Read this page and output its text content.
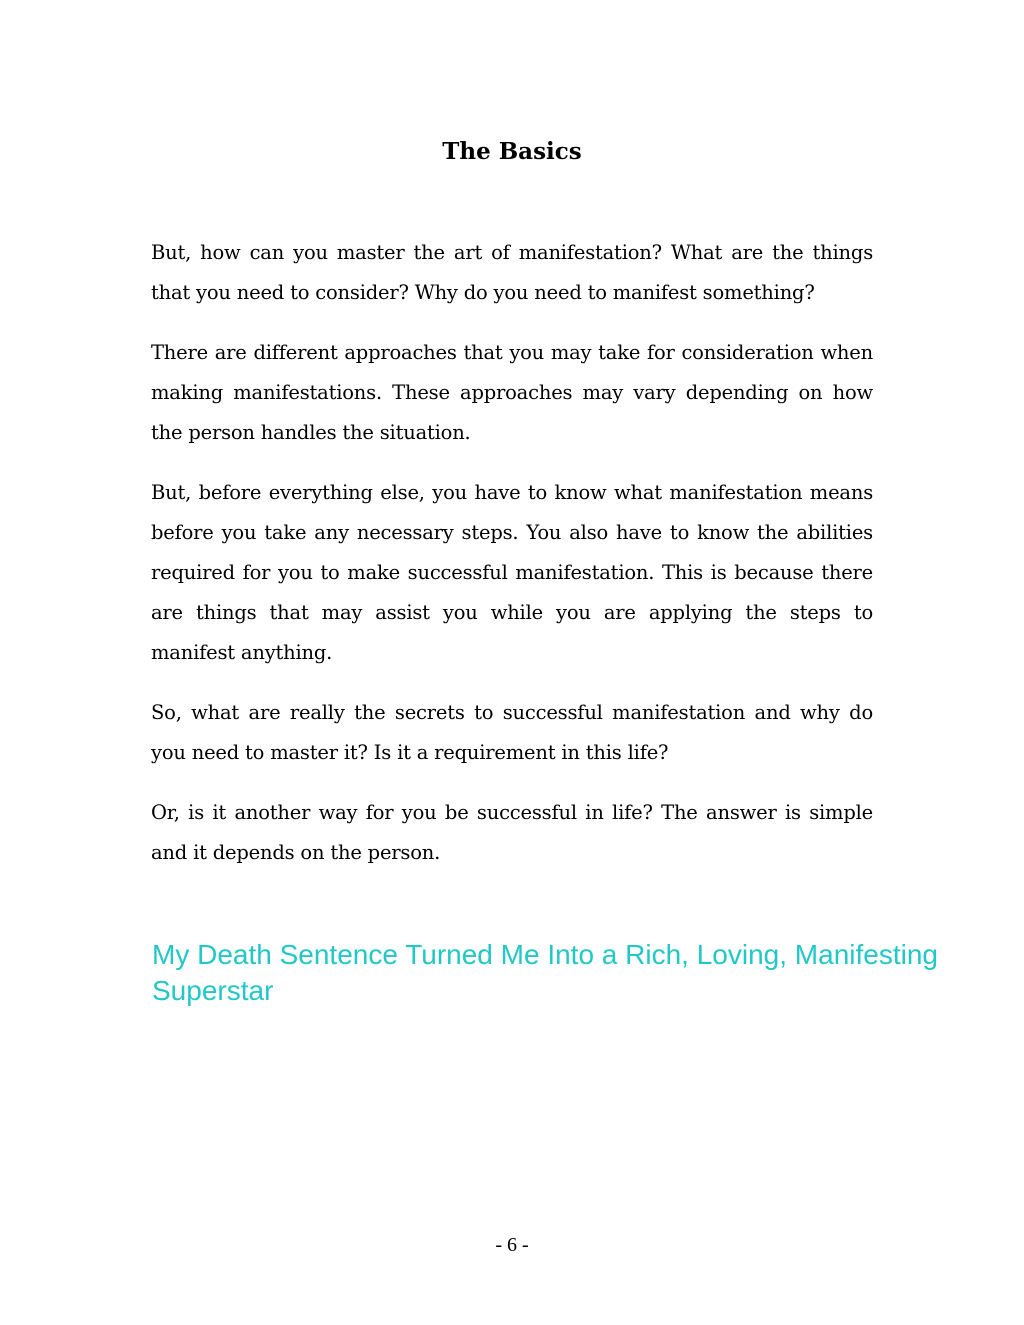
The Basics

But, how can you master the art of manifestation? What are the things that you need to consider? Why do you need to manifest something?

There are different approaches that you may take for consideration when making manifestations. These approaches may vary depending on how the person handles the situation.

But, before everything else, you have to know what manifestation means before you take any necessary steps. You also have to know the abilities required for you to make successful manifestation. This is because there are things that may assist you while you are applying the steps to manifest anything.

So, what are really the secrets to successful manifestation and why do you need to master it? Is it a requirement in this life?

Or, is it another way for you be successful in life? The answer is simple and it depends on the person.

My Death Sentence Turned Me Into a Rich, Loving, Manifesting Superstar

- 6 -
